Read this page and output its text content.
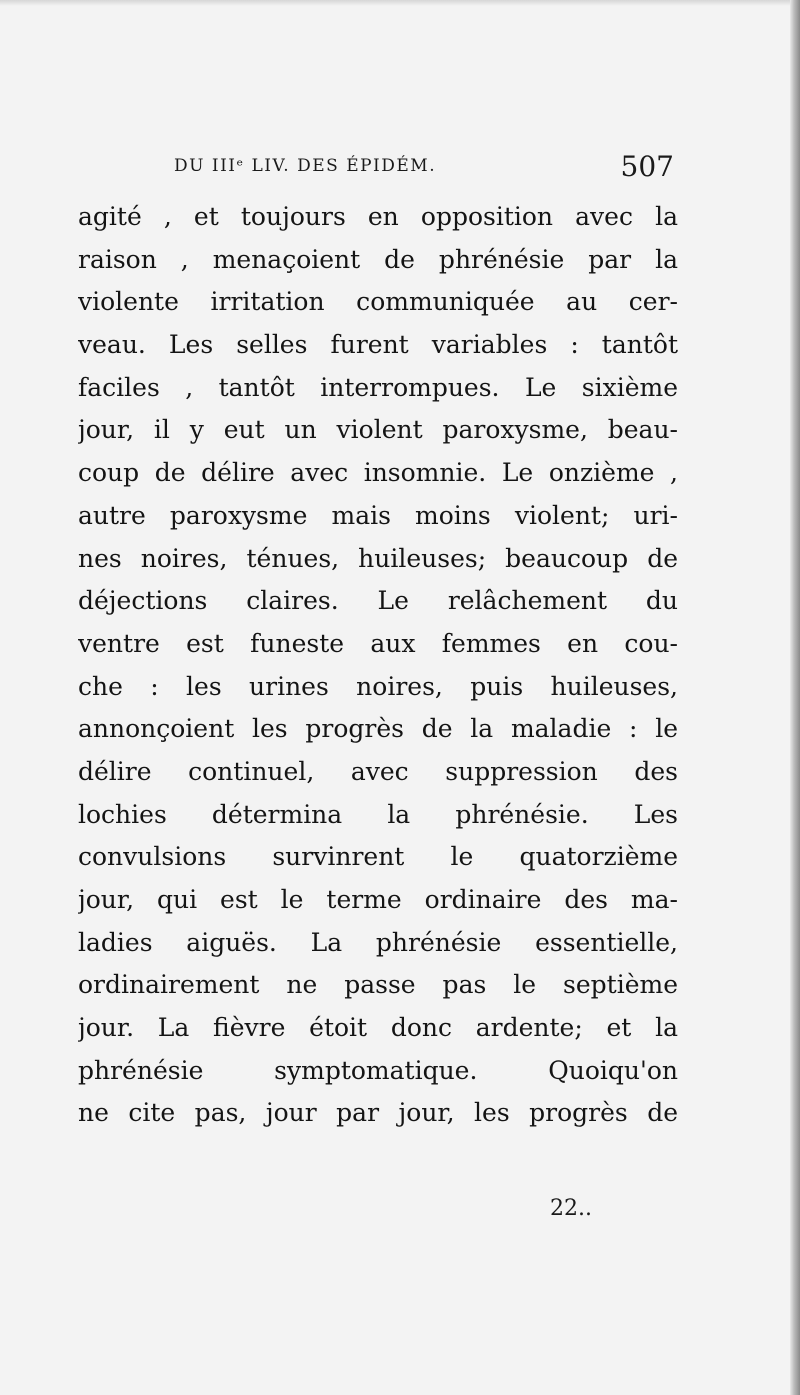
DU IIIᵉ LIV. DES ÉPIDÉM.	507
agité , et toujours en opposition avec la
raison , menaçoient de phrénésie par la
violente irritation communiquée au cer-
veau. Les selles furent variables : tantôt
faciles , tantôt interrompues. Le sixième
jour, il y eut un violent paroxysme, beau-
coup de délire avec insomnie. Le onzième ,
autre paroxysme mais moins violent; uri-
nes noires, ténues, huileuses; beaucoup de
déjections claires. Le relâchement du
ventre est funeste aux femmes en cou-
che : les urines noires, puis huileuses,
annonçoient les progrès de la maladie : le
délire continuel, avec suppression des
lochies détermina la phrénésie. Les
convulsions survinrent le quatorzième
jour, qui est le terme ordinaire des ma-
ladies aiguës. La phrénésie essentielle,
ordinairement ne passe pas le septième
jour. La fièvre étoit donc ardente; et la
phrénésie symptomatique. Quoiqu'on
ne cite pas, jour par jour, les progrès de
22..
